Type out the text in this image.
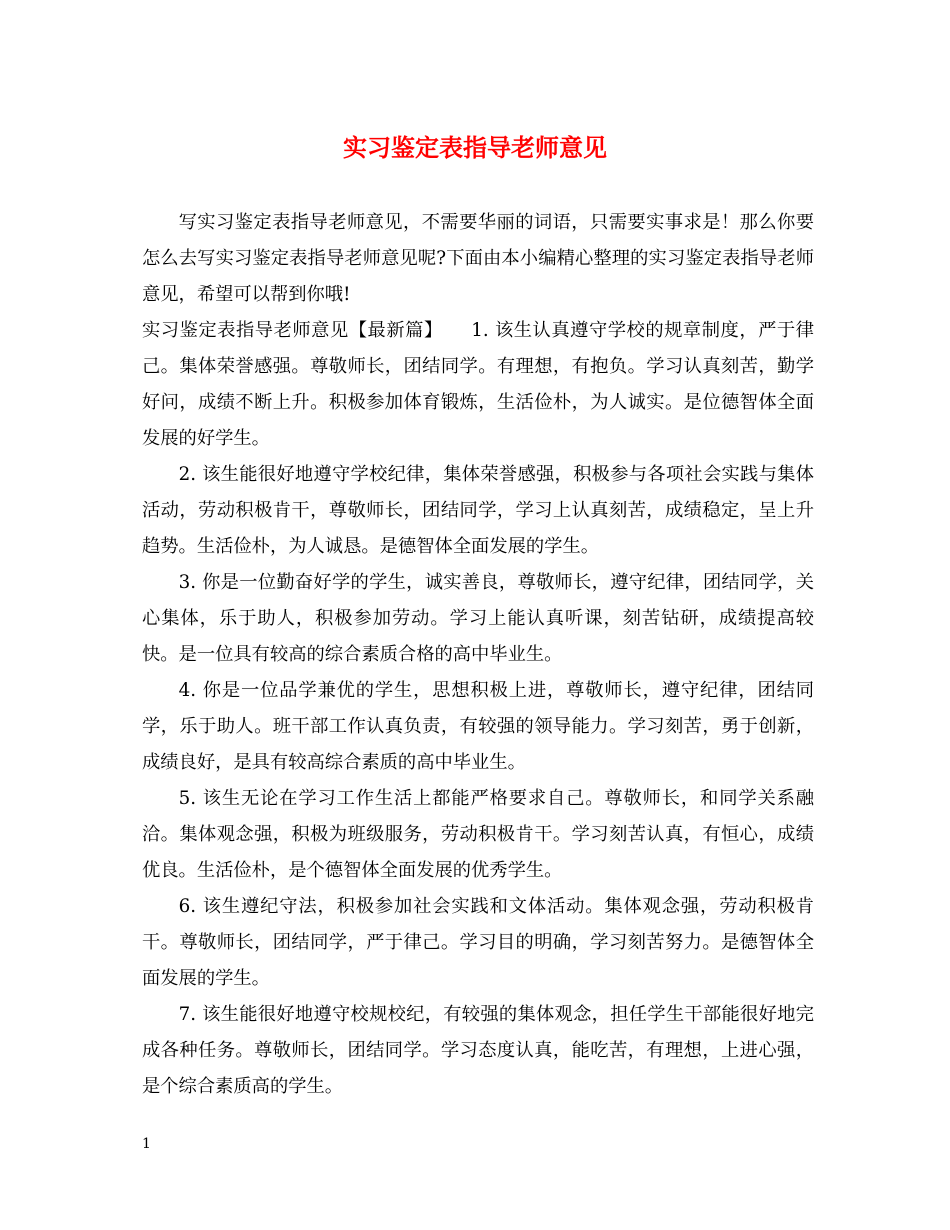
实习鉴定表指导老师意见

写实习鉴定表指导老师意见，不需要华丽的词语，只需要实事求是！那么你要怎么去写实习鉴定表指导老师意见呢?下面由本小编精心整理的实习鉴定表指导老师意见，希望可以帮到你哦!

实习鉴定表指导老师意见【最新篇】　　1. 该生认真遵守学校的规章制度，严于律己。集体荣誉感强。尊敬师长，团结同学。有理想，有抱负。学习认真刻苦，勤学好问，成绩不断上升。积极参加体育锻炼，生活俭朴，为人诚实。是位德智体全面发展的好学生。

2. 该生能很好地遵守学校纪律，集体荣誉感强，积极参与各项社会实践与集体活动，劳动积极肯干，尊敬师长，团结同学，学习上认真刻苦，成绩稳定，呈上升趋势。生活俭朴，为人诚恳。是德智体全面发展的学生。

3. 你是一位勤奋好学的学生，诚实善良，尊敬师长，遵守纪律，团结同学，关心集体，乐于助人，积极参加劳动。学习上能认真听课，刻苦钻研，成绩提高较快。是一位具有较高的综合素质合格的高中毕业生。

4. 你是一位品学兼优的学生，思想积极上进，尊敬师长，遵守纪律，团结同学，乐于助人。班干部工作认真负责，有较强的领导能力。学习刻苦，勇于创新，成绩良好，是具有较高综合素质的高中毕业生。

5. 该生无论在学习工作生活上都能严格要求自己。尊敬师长，和同学关系融洽。集体观念强，积极为班级服务，劳动积极肯干。学习刻苦认真，有恒心，成绩优良。生活俭朴，是个德智体全面发展的优秀学生。

6. 该生遵纪守法，积极参加社会实践和文体活动。集体观念强，劳动积极肯干。尊敬师长，团结同学，严于律己。学习目的明确，学习刻苦努力。是德智体全面发展的学生。

7. 该生能很好地遵守校规校纪，有较强的集体观念，担任学生干部能很好地完成各种任务。尊敬师长，团结同学。学习态度认真，能吃苦，有理想，上进心强，是个综合素质高的学生。

1
